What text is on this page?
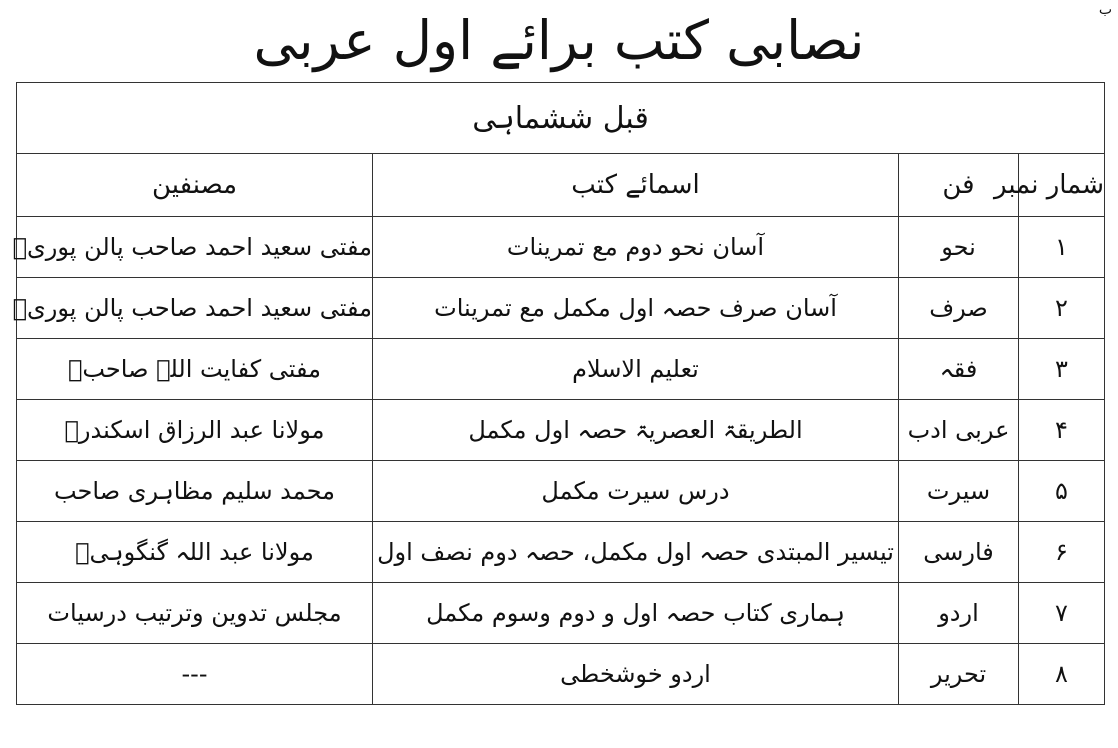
ب
نصابی کتب برائے اول عربی
قبل ششماہی			
شمار نمبر	فن	اسمائے کتب	مصنفین
۱	نحو	آسان نحو دوم مع تمرینات	مفتی سعید احمد صاحب پالن پوریؒ
۲	صرف	آسان صرف حصہ اول مکمل مع تمرینات	مفتی سعید احمد صاحب پالن پوریؒ
۳	فقہ	تعلیم الاسلام	مفتی کفایت اللہ صاحبؒ
۴	عربی ادب	الطریقۃ العصریۃ حصہ اول مکمل	مولانا عبد الرزاق اسکندرؒ
۵	سیرت	درس سیرت مکمل	محمد سلیم مظاہری صاحب
۶	فارسی	تیسیر المبتدی حصہ اول مکمل، حصہ دوم نصف اول	مولانا عبد اللہ گنگوہیؒ
۷	اردو	ہماری کتاب حصہ اول و دوم وسوم مکمل	مجلس تدوین وترتیب درسیات
۸	تحریر	اردو خوشخطی	---
